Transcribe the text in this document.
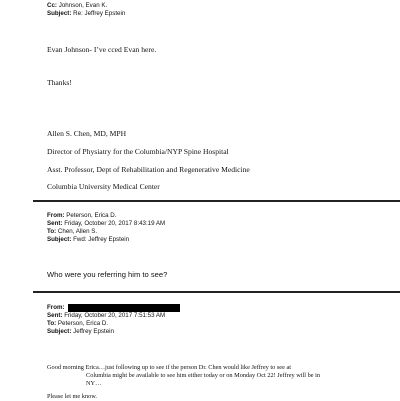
Cc: Johnson, Evan K.
Subject: Re: Jeffrey Epstein
Evan Johnson- I’ve cced Evan here.
Thanks!
Allen S. Chen, MD, MPH
Director of Physiatry for the Columbia/NYP Spine Hospital
Asst. Professor, Dept of Rehabilitation and Regenerative Medicine
Columbia University Medical Center
From: Peterson, Erica D.
Sent: Friday, October 20, 2017 8:43:19 AM
To: Chen, Allen S.
Subject: Fwd: Jeffrey Epstein
Who were you referring him to see?
From:
Sent: Friday, October 20, 2017 7:51:53 AM
To: Peterson, Erica D.
Subject: Jeffrey Epstein
Good morning Erica…just following up to see if the person Dr. Chen would like Jeffrey to see at
Columbia might be available to see him either today or on Monday Oct 22! Jeffrey will be in
NY…
Please let me know.
